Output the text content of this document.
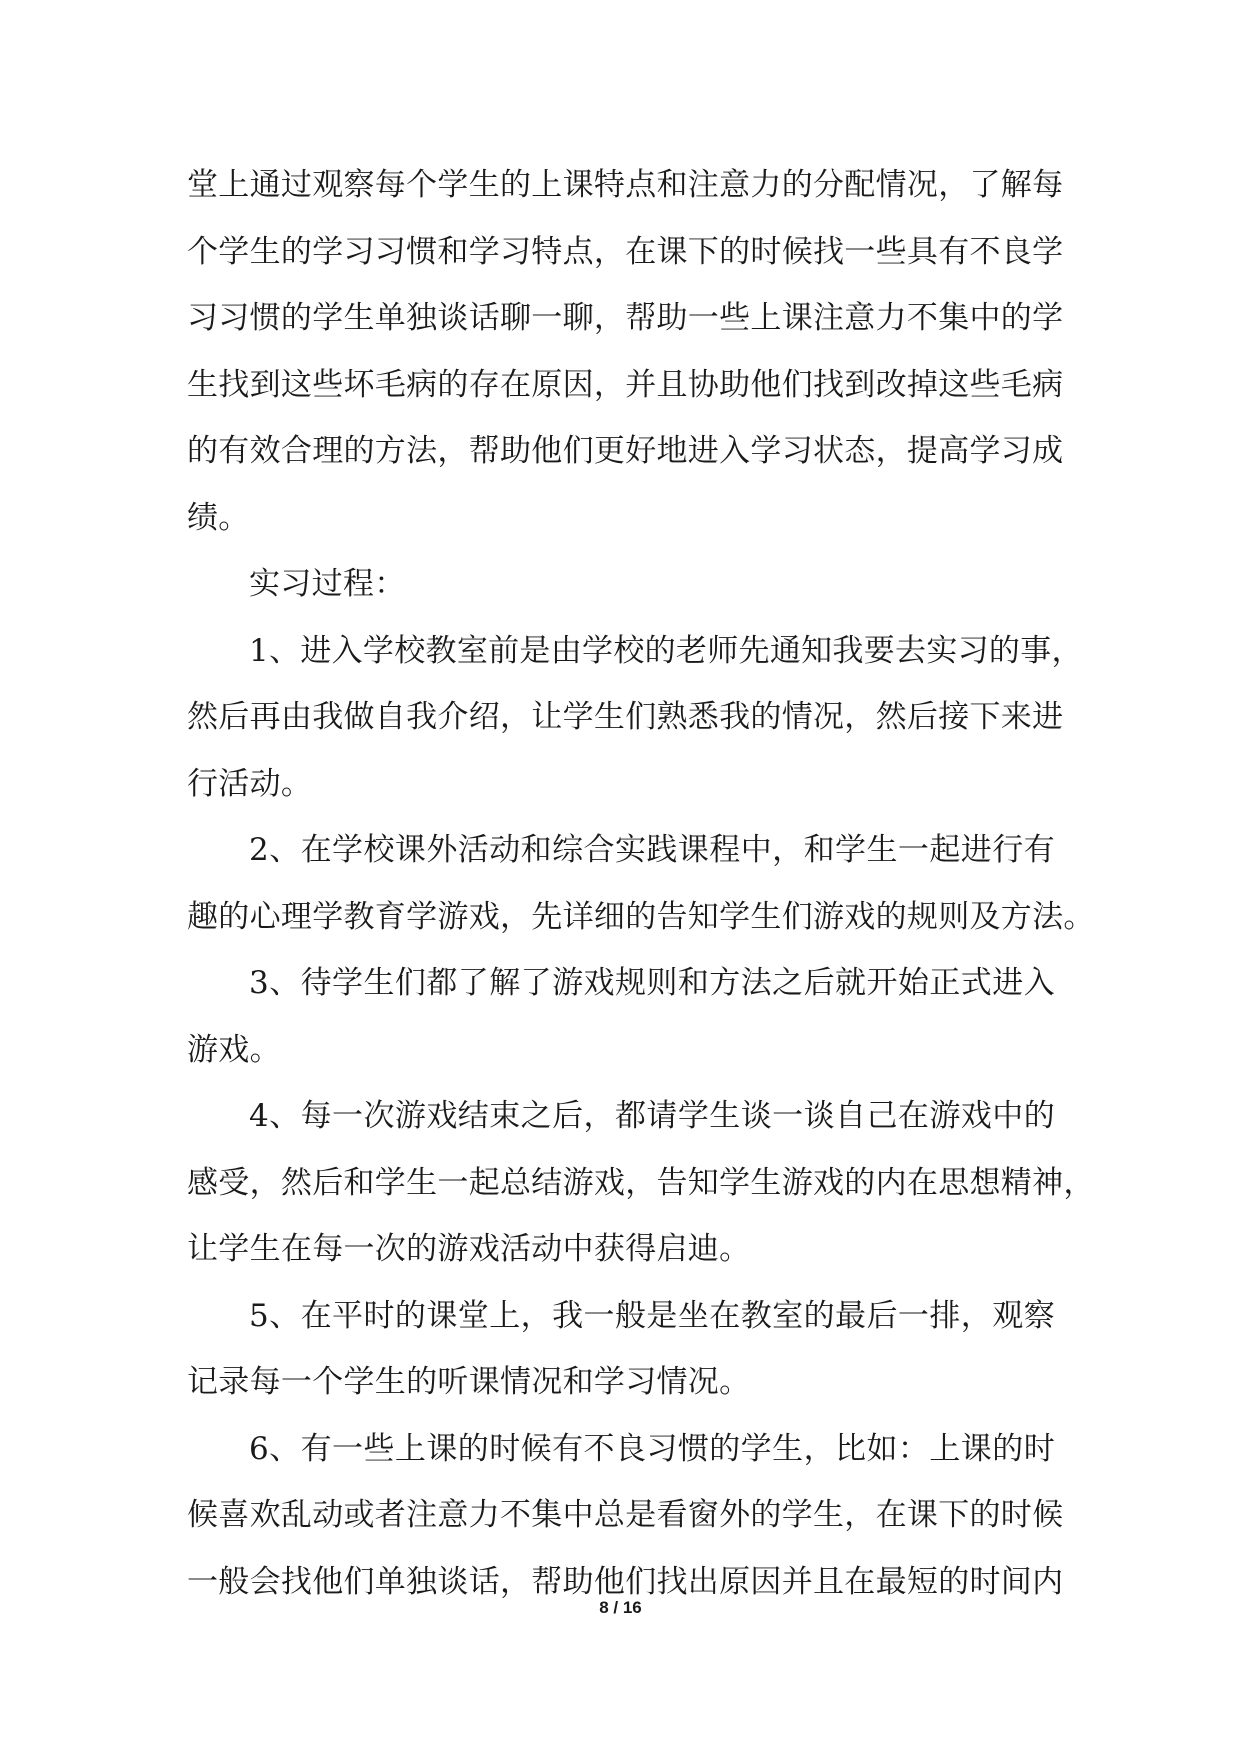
堂上通过观察每个学生的上课特点和注意力的分配情况，了解每
个学生的学习习惯和学习特点，在课下的时候找一些具有不良学
习习惯的学生单独谈话聊一聊，帮助一些上课注意力不集中的学
生找到这些坏毛病的存在原因，并且协助他们找到改掉这些毛病
的有效合理的方法，帮助他们更好地进入学习状态，提高学习成
绩。
实习过程：
1、进入学校教室前是由学校的老师先通知我要去实习的事，
然后再由我做自我介绍，让学生们熟悉我的情况，然后接下来进
行活动。
2、在学校课外活动和综合实践课程中，和学生一起进行有
趣的心理学教育学游戏，先详细的告知学生们游戏的规则及方法。
3、待学生们都了解了游戏规则和方法之后就开始正式进入
游戏。
4、每一次游戏结束之后，都请学生谈一谈自己在游戏中的
感受，然后和学生一起总结游戏，告知学生游戏的内在思想精神，
让学生在每一次的游戏活动中获得启迪。
5、在平时的课堂上，我一般是坐在教室的最后一排，观察
记录每一个学生的听课情况和学习情况。
6、有一些上课的时候有不良习惯的学生，比如：上课的时
候喜欢乱动或者注意力不集中总是看窗外的学生，在课下的时候
一般会找他们单独谈话，帮助他们找出原因并且在最短的时间内
8 / 16
